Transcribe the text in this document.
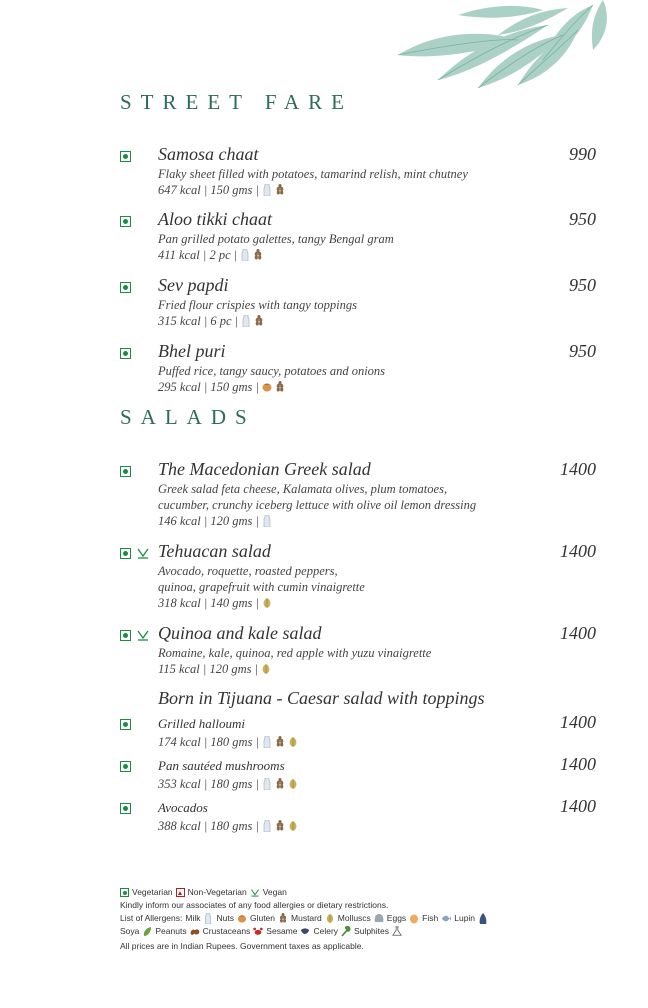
STREET FARE
Samosa chaat	990
Flaky sheet filled with potatoes, tamarind relish, mint chutney
647 kcal | 150 gms |
Aloo tikki chaat	950
Pan grilled potato galettes, tangy Bengal gram
411 kcal | 2 pc |
Sev papdi	950
Fried flour crispies with tangy toppings
315 kcal | 6 pc |
Bhel puri	950
Puffed rice, tangy saucy, potatoes and onions
295 kcal | 150 gms |
SALADS
The Macedonian Greek salad	1400
Greek salad feta cheese, Kalamata olives, plum tomatoes,
cucumber, crunchy iceberg lettuce with olive oil lemon dressing
146 kcal | 120 gms |
Tehuacan salad	1400
Avocado, roquette, roasted peppers,
quinoa, grapefruit with cumin vinaigrette
318 kcal | 140 gms |
Quinoa and kale salad	1400
Romaine, kale, quinoa, red apple with yuzu vinaigrette
115 kcal | 120 gms |
Born in Tijuana - Caesar salad with toppings
Grilled halloumi	1400
174 kcal | 180 gms |
Pan sautéed mushrooms	1400
353 kcal | 180 gms |
Avocados	1400
388 kcal | 180 gms |
Vegetarian Non-Vegetarian Vegan
Kindly inform our associates of any food allergies or dietary restrictions.
List of Allergens: Milk Nuts Gluten Mustard Molluscs Eggs Fish Lupin
Soya Peanuts Crustaceans Sesame Celery Sulphites
All prices are in Indian Rupees. Government taxes as applicable.
